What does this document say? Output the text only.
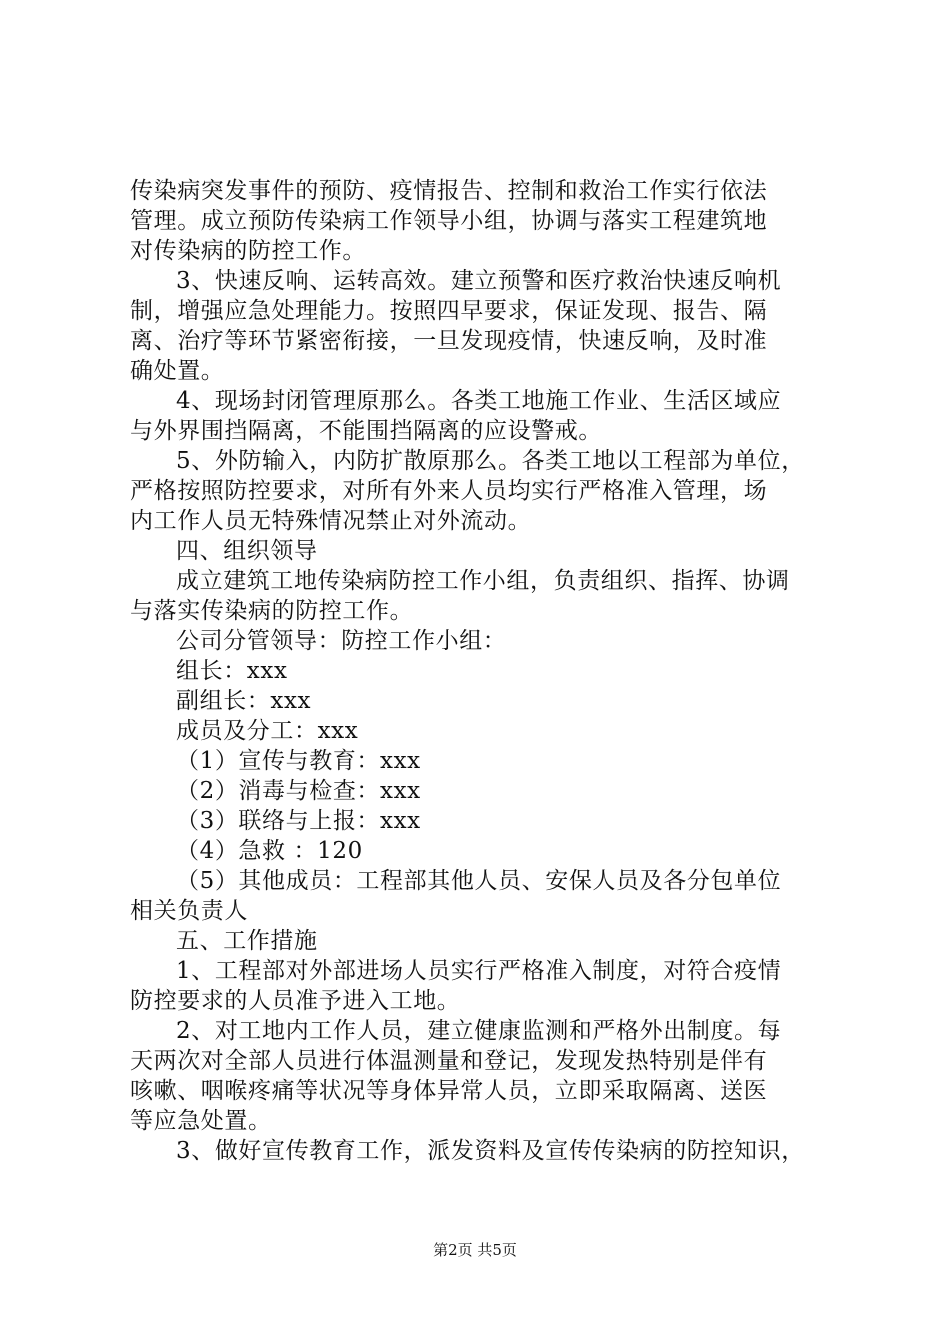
传染病突发事件的预防、疫情报告、控制和救治工作实行依法
管理。成立预防传染病工作领导小组，协调与落实工程建筑地
对传染病的防控工作。
3、快速反响、运转高效。建立预警和医疗救治快速反响机
制，增强应急处理能力。按照四早要求，保证发现、报告、隔
离、治疗等环节紧密衔接，一旦发现疫情，快速反响，及时准
确处置。
4、现场封闭管理原那么。各类工地施工作业、生活区域应
与外界围挡隔离，不能围挡隔离的应设警戒。
5、外防输入，内防扩散原那么。各类工地以工程部为单位，
严格按照防控要求，对所有外来人员均实行严格准入管理，场
内工作人员无特殊情况禁止对外流动。
四、组织领导
成立建筑工地传染病防控工作小组，负责组织、指挥、协调
与落实传染病的防控工作。
公司分管领导：防控工作小组：
组长：xxx
副组长：xxx
成员及分工：xxx
（1）宣传与教育：xxx
（2）消毒与检查：xxx
（3）联络与上报：xxx
（4）急救 ：120
（5）其他成员：工程部其他人员、安保人员及各分包单位
相关负责人
五、工作措施
1、工程部对外部进场人员实行严格准入制度，对符合疫情
防控要求的人员准予进入工地。
2、对工地内工作人员，建立健康监测和严格外出制度。每
天两次对全部人员进行体温测量和登记，发现发热特别是伴有
咳嗽、咽喉疼痛等状况等身体异常人员，立即采取隔离、送医
等应急处置。
3、做好宣传教育工作，派发资料及宣传传染病的防控知识，
第2页 共5页
